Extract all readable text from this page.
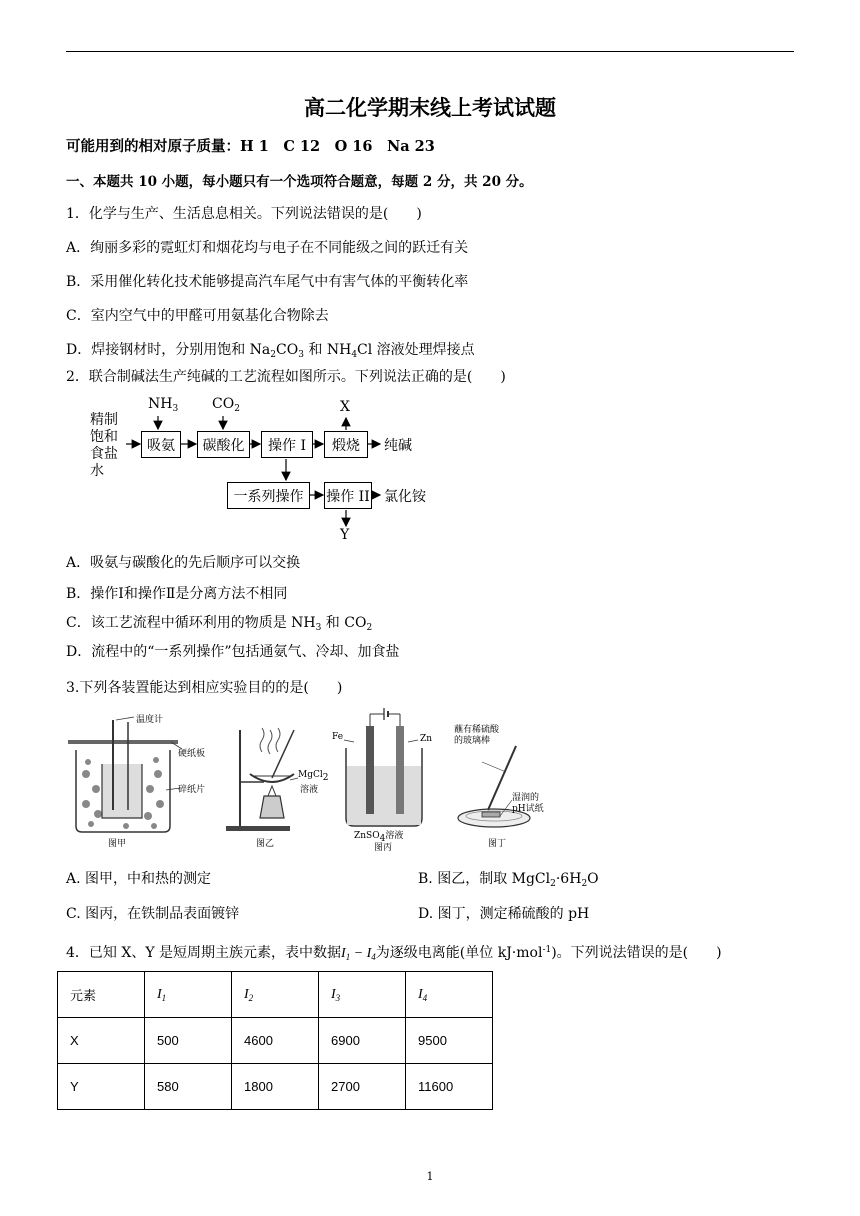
高二化学期末线上考试试题
可能用到的相对原子质量：H 1　C 12　O 16　Na 23
一、本题共 10 小题，每小题只有一个选项符合题意，每题 2 分，共 20 分。
1．化学与生产、生活息息相关。下列说法错误的是(　　)
A．绚丽多彩的霓虹灯和烟花均与电子在不同能级之间的跃迁有关
B．采用催化转化技术能够提高汽车尾气中有害气体的平衡转化率
C．室内空气中的甲醛可用氨基化合物除去
D．焊接钢材时，分别用饱和 $Na_2CO_3$ 和 $NH_4Cl$ 溶液处理焊接点
2．联合制碱法生产纯碱的工艺流程如图所示。下列说法正确的是(　　)
精制
饱和
食盐
水
$NH_3$ $CO_2$	X
吸氨	碳酸化	操作 I	煅烧	纯碱
一系列操作	操作 II 氯化铵
Y
A．吸氨与碳酸化的先后顺序可以交换
B．操作Ⅰ和操作Ⅱ是分离方法不相同
C．该工艺流程中循环利用的物质是 $NH_3$ 和 $CO_2$
D．流程中的“一系列操作”包括通氨气、冷却、加食盐
3.下列各装置能达到相应实验目的的是(　　)
温度计
硬纸板
碎纸片
图甲
MgCl$_2$
溶液
图乙
Fe	Zn
ZnSO$_4$溶液
图丙
蘸有稀硫酸
的玻璃棒
湿润的
pH试纸
图丁
A. 图甲，中和热的测定	B. 图乙，制取 $MgCl_2\cdot 6H_2O$
C. 图丙，在铁制品表面镀锌	D. 图丁，测定稀硫酸的 pH
4．已知 X、Y 是短周期主族元素，表中数据$I_1 - I_4$为逐级电离能(单位 kJ·mol$^{-1}$)。下列说法错误的是(　　)
元素	$I_1$	$I_2$	$I_3$	$I_4$
X	500	4600	6900	9500
Y	580	1800	2700	11600
1
